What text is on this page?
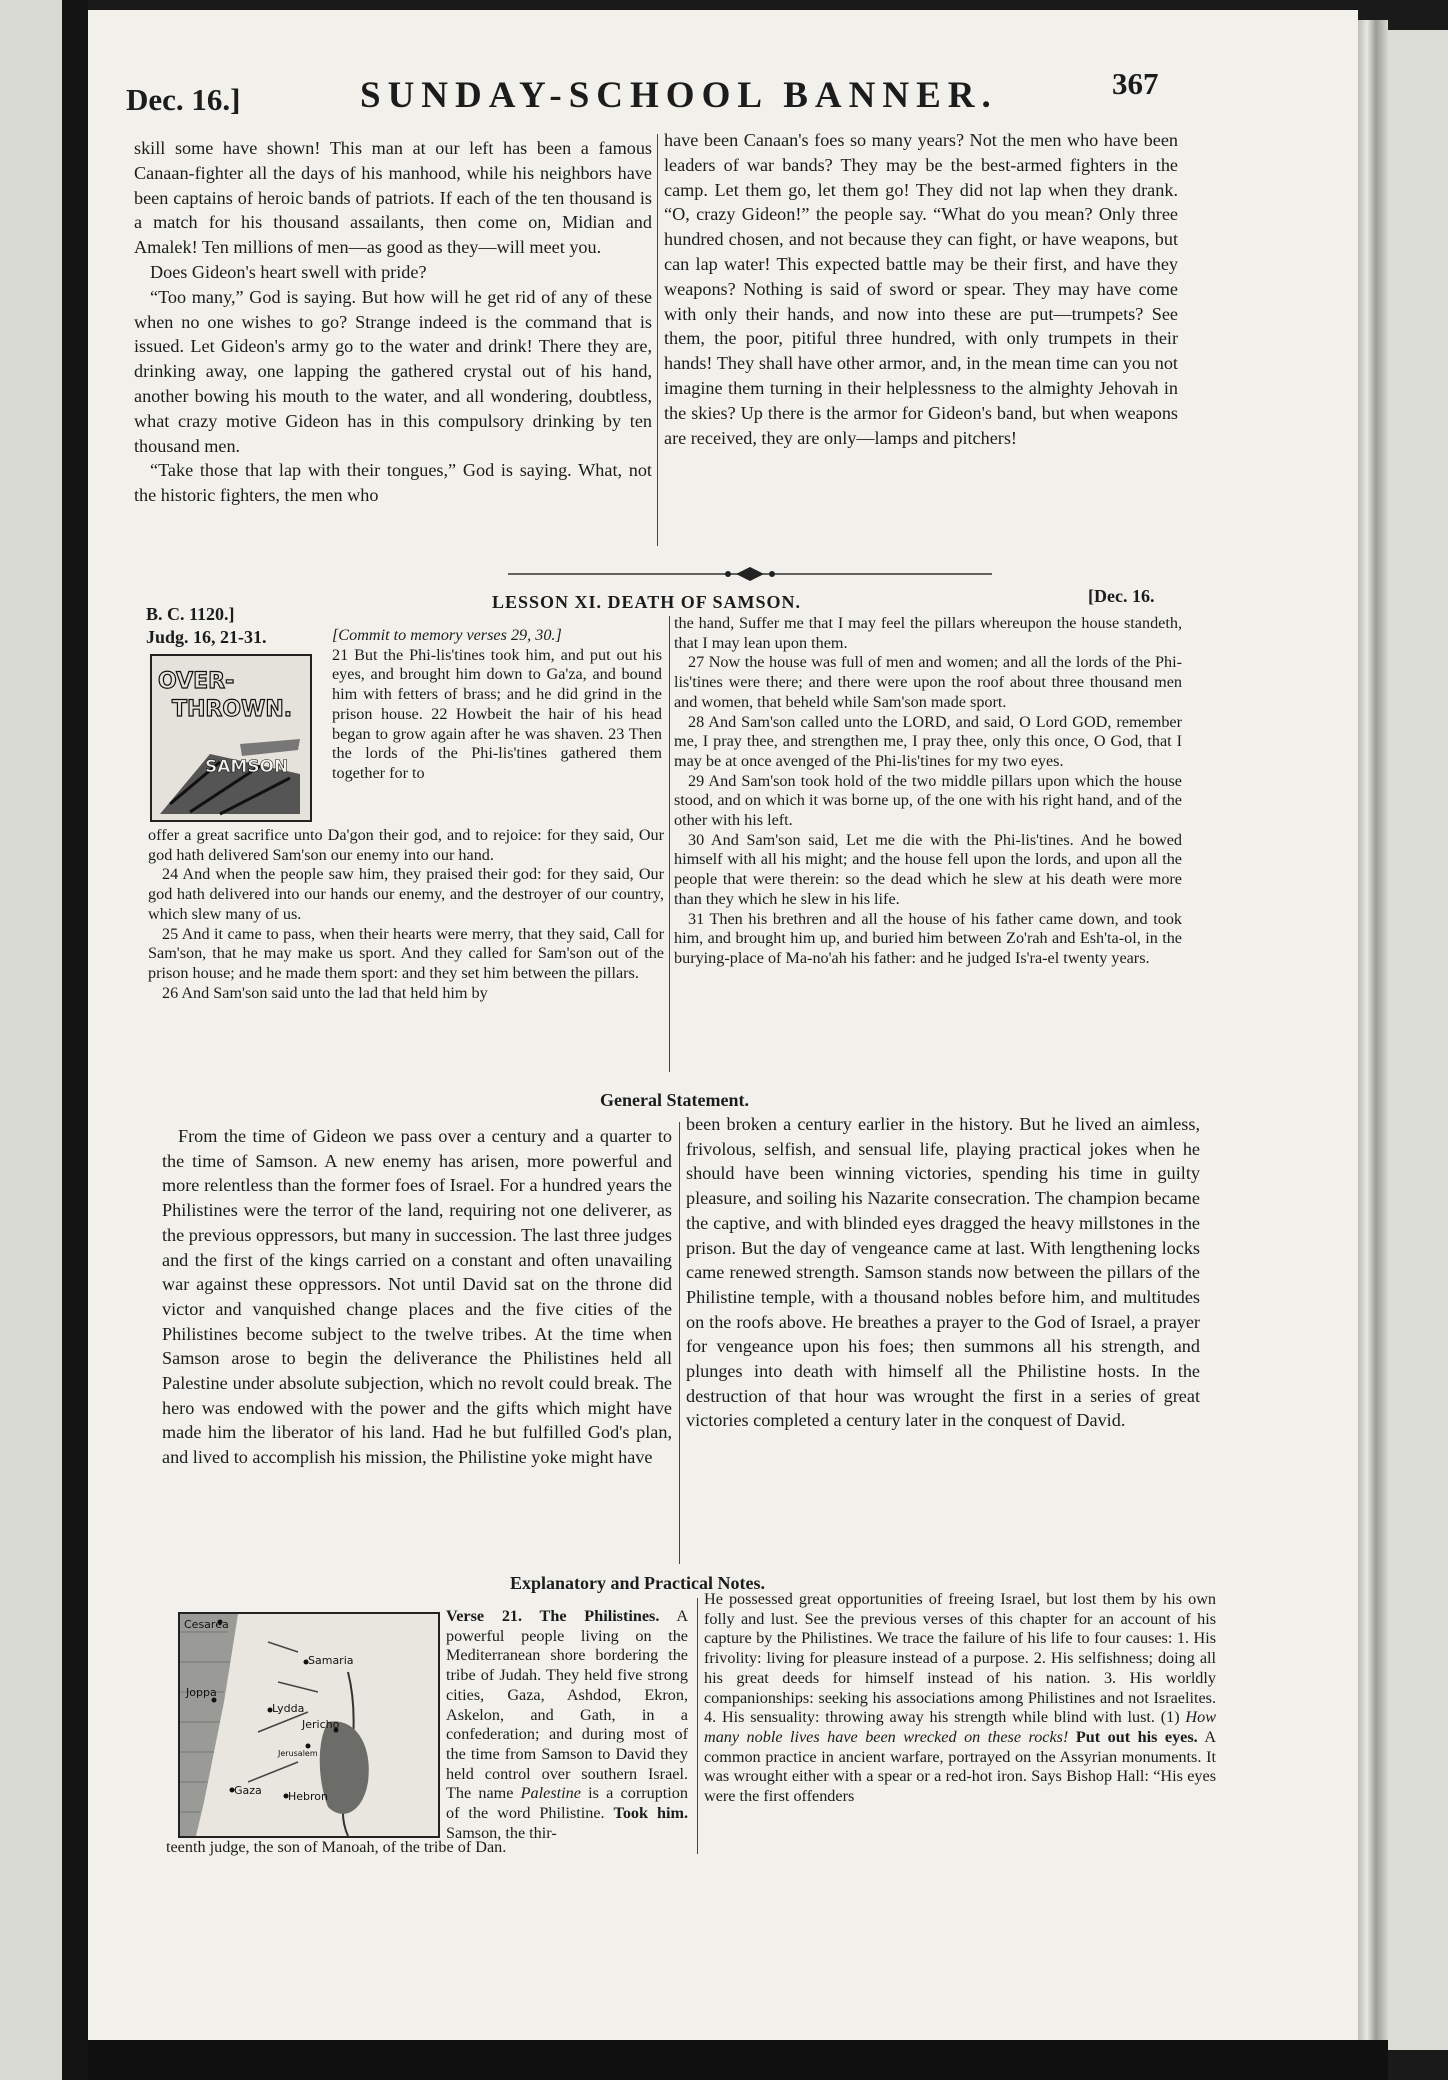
Dec. 16.]	SUNDAY-SCHOOL BANNER.	367

skill some have shown! This man at our left has been a famous Canaan-fighter all the days of his manhood, while his neighbors have been captains of heroic bands of patriots. If each of the ten thousand is a match for his thousand assailants, then come on, Midian and Amalek! Ten millions of men—as good as they—will meet you.

Does Gideon's heart swell with pride?

“Too many,” God is saying. But how will he get rid of any of these when no one wishes to go? Strange indeed is the command that is issued. Let Gideon's army go to the water and drink! There they are, drinking away, one lapping the gathered crystal out of his hand, another bowing his mouth to the water, and all wondering, doubtless, what crazy motive Gideon has in this compulsory drinking by ten thousand men.

“Take those that lap with their tongues,” God is saying. What, not the historic fighters, the men who

have been Canaan's foes so many years? Not the men who have been leaders of war bands? They may be the best-armed fighters in the camp. Let them go, let them go! They did not lap when they drank. “O, crazy Gideon!” the people say. “What do you mean? Only three hundred chosen, and not because they can fight, or have weapons, but can lap water! This expected battle may be their first, and have they weapons? Nothing is said of sword or spear. They may have come with only their hands, and now into these are put—trumpets? See them, the poor, pitiful three hundred, with only trumpets in their hands! They shall have other armor, and, in the mean time can you not imagine them turning in their helplessness to the almighty Jehovah in the skies? Up there is the armor for Gideon's band, but when weapons are received, they are only—lamps and pitchers!

B. C. 1120.]
LESSON XI. DEATH OF SAMSON.	[Dec. 16.
Judg. 16, 21-31.
OVER-
THROWN.
SAMSON

[Commit to memory verses 29, 30.]

21 But the Phi-lis'tines took him, and put out his eyes, and brought him down to Ga'za, and bound him with fetters of brass; and he did grind in the prison house. 22 Howbeit the hair of his head began to grow again after he was shaven. 23 Then the lords of the Phi-lis'tines gathered them together for to

offer a great sacrifice unto Da'gon their god, and to rejoice: for they said, Our god hath delivered Sam'son our enemy into our hand.

24 And when the people saw him, they praised their god: for they said, Our god hath delivered into our hands our enemy, and the destroyer of our country, which slew many of us.

25 And it came to pass, when their hearts were merry, that they said, Call for Sam'son, that he may make us sport. And they called for Sam'son out of the prison house; and he made them sport: and they set him between the pillars.

26 And Sam'son said unto the lad that held him by

the hand, Suffer me that I may feel the pillars whereupon the house standeth, that I may lean upon them.

27 Now the house was full of men and women; and all the lords of the Phi-lis'tines were there; and there were upon the roof about three thousand men and women, that beheld while Sam'son made sport.

28 And Sam'son called unto the LORD, and said, O Lord GOD, remember me, I pray thee, and strengthen me, I pray thee, only this once, O God, that I may be at once avenged of the Phi-lis'tines for my two eyes.

29 And Sam'son took hold of the two middle pillars upon which the house stood, and on which it was borne up, of the one with his right hand, and of the other with his left.

30 And Sam'son said, Let me die with the Phi-lis'tines. And he bowed himself with all his might; and the house fell upon the lords, and upon all the people that were therein: so the dead which he slew at his death were more than they which he slew in his life.

31 Then his brethren and all the house of his father came down, and took him, and brought him up, and buried him between Zo'rah and Esh'ta-ol, in the burying-place of Ma-no'ah his father: and he judged Is'ra-el twenty years.

General Statement.

From the time of Gideon we pass over a century and a quarter to the time of Samson. A new enemy has arisen, more powerful and more relentless than the former foes of Israel. For a hundred years the Philistines were the terror of the land, requiring not one deliverer, as the previous oppressors, but many in succession. The last three judges and the first of the kings carried on a constant and often unavailing war against these oppressors. Not until David sat on the throne did victor and vanquished change places and the five cities of the Philistines become subject to the twelve tribes. At the time when Samson arose to begin the deliverance the Philistines held all Palestine under absolute subjection, which no revolt could break. The hero was endowed with the power and the gifts which might have made him the liberator of his land. Had he but fulfilled God's plan, and lived to accomplish his mission, the Philistine yoke might have

been broken a century earlier in the history. But he lived an aimless, frivolous, selfish, and sensual life, playing practical jokes when he should have been winning victories, spending his time in guilty pleasure, and soiling his Nazarite consecration. The champion became the captive, and with blinded eyes dragged the heavy millstones in the prison. But the day of vengeance came at last. With lengthening locks came renewed strength. Samson stands now between the pillars of the Philistine temple, with a thousand nobles before him, and multitudes on the roofs above. He breathes a prayer to the God of Israel, a prayer for vengeance upon his foes; then summons all his strength, and plunges into death with himself all the Philistine hosts. In the destruction of that hour was wrought the first in a series of great victories completed a century later in the conquest of David.

Explanatory and Practical Notes.
Cesarea
Samaria
Joppa
Lydda
Jericho
Jerusalem
Gaza Hebron

Verse 21. The Philistines. A powerful people living on the Mediterranean shore bordering the tribe of Judah. They held five strong cities, Gaza, Ashdod, Ekron, Askelon, and Gath, in a confederation; and during most of the time from Samson to David they held control over southern Israel. The name Palestine is a corruption of the word Philistine. Took him. Samson, the thir-

teenth judge, the son of Manoah, of the tribe of Dan.

He possessed great opportunities of freeing Israel, but lost them by his own folly and lust. See the previous verses of this chapter for an account of his capture by the Philistines. We trace the failure of his life to four causes: 1. His frivolity: living for pleasure instead of a purpose. 2. His selfishness; doing all his great deeds for himself instead of his nation. 3. His worldly companionships: seeking his associations among Philistines and not Israelites. 4. His sensuality: throwing away his strength while blind with lust. (1) How many noble lives have been wrecked on these rocks! Put out his eyes. A common practice in ancient warfare, portrayed on the Assyrian monuments. It was wrought either with a spear or a red-hot iron. Says Bishop Hall: “His eyes were the first offenders
